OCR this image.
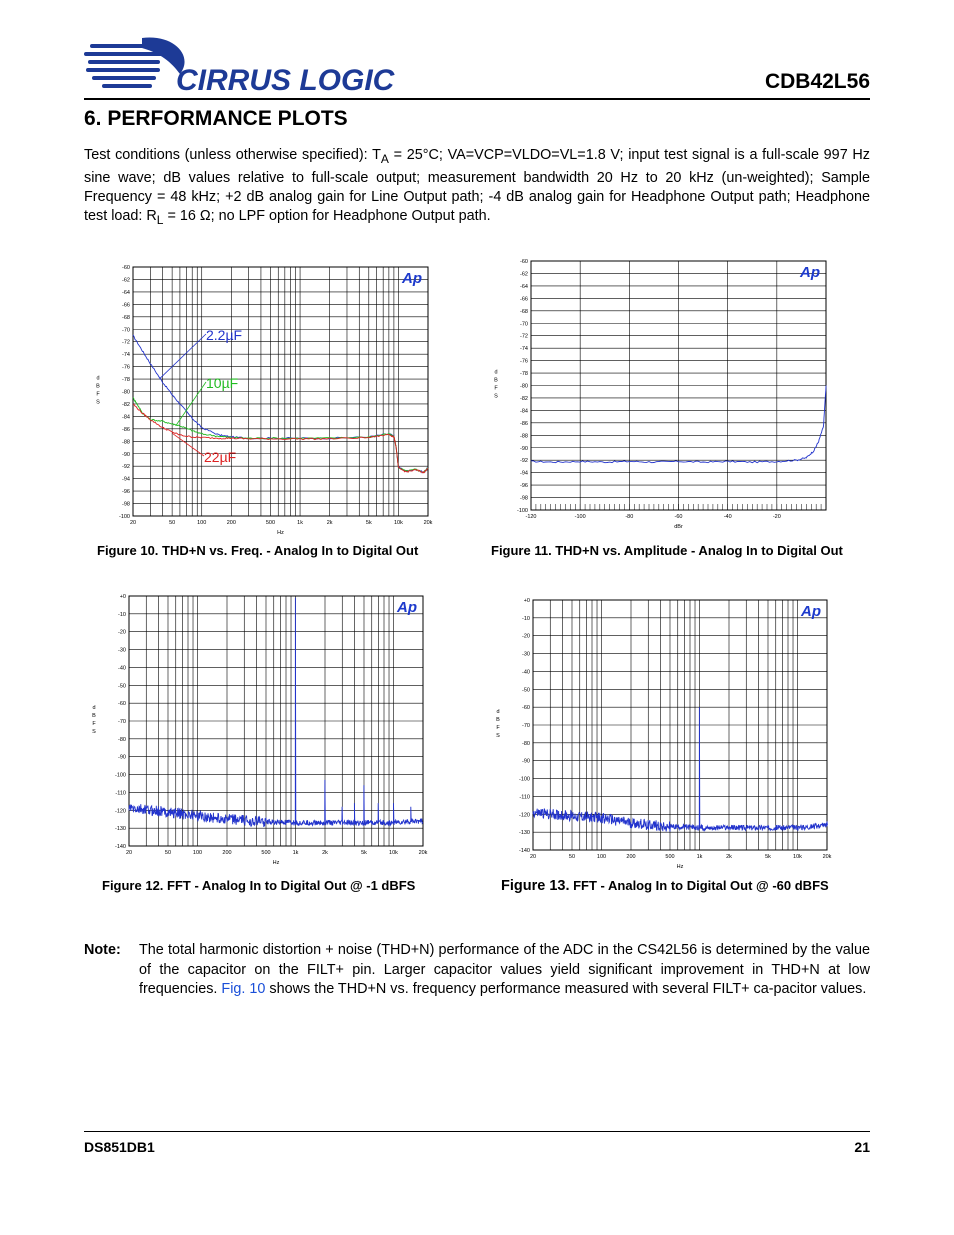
CIRRUS LOGIC	CDB42L56
6. PERFORMANCE PLOTS
Test conditions (unless otherwise specified): $T_A = 25^\circ C$; VA=VCP=VLDO=VL=1.8 V; input test signal is a full-scale 997 Hz sine wave; dB values relative to full-scale output; measurement bandwidth 20 Hz to 20 kHz (un-weighted); Sample Frequency = 48 kHz; +2 dB analog gain for Line Output path; -4 dB analog gain for Headphone Output path; Headphone test load: $R_L = 16$ Ω; no LPF option for Headphone Output path.
-60
-62
-64
-66
-68
-70
-72
-74
-76
-78
-80
-82
-84
-86
-88
-90
-92
-94
-96
-98
-100
20	50	100	200	500	1k	2k	5k	10k	20k
Hz
d B F S
Ap
2.2µF
10µF
22µF
-60
-62
-64
-66
-68
-70
-72
-74
-76
-78
-80
-82
-84
-86
-88
-90
-92
-94
-96
-98
-100
-120	-100	-80	-60	-40	-20
dBr
d B F S
Ap
+0
-10
-20
-30
-40
-50
-60
-70
-80
-90
-100
-110
-120
-130
-140
20	50	100	200	500	1k	2k	5k	10k	20k
Hz
d B F S
Ap	+0
-10
-20
-30
-40
-50
-60
-70
-80
-90
-100
-110
-120
-130
-140
20	50	100	200	500	1k	2k	5k	10k	20k
Hz
d B F S
Ap
Figure 10. THD+N vs. Freq. - Analog In to Digital Out	Figure 11. THD+N vs. Amplitude - Analog In to Digital Out
Figure 12. FFT - Analog In to Digital Out @ -1 dBFS	Figure 13. FFT - Analog In to Digital Out @ -60 dBFS
Note: The total harmonic distortion + noise (THD+N) performance of the ADC in the CS42L56 is determined by the value of the capacitor on the FILT+ pin. Larger capacitor values yield significant improvement in THD+N at low frequencies. Fig. 10 shows the THD+N vs. frequency performance measured with several FILT+ ca-pacitor values.
DS851DB1	21
